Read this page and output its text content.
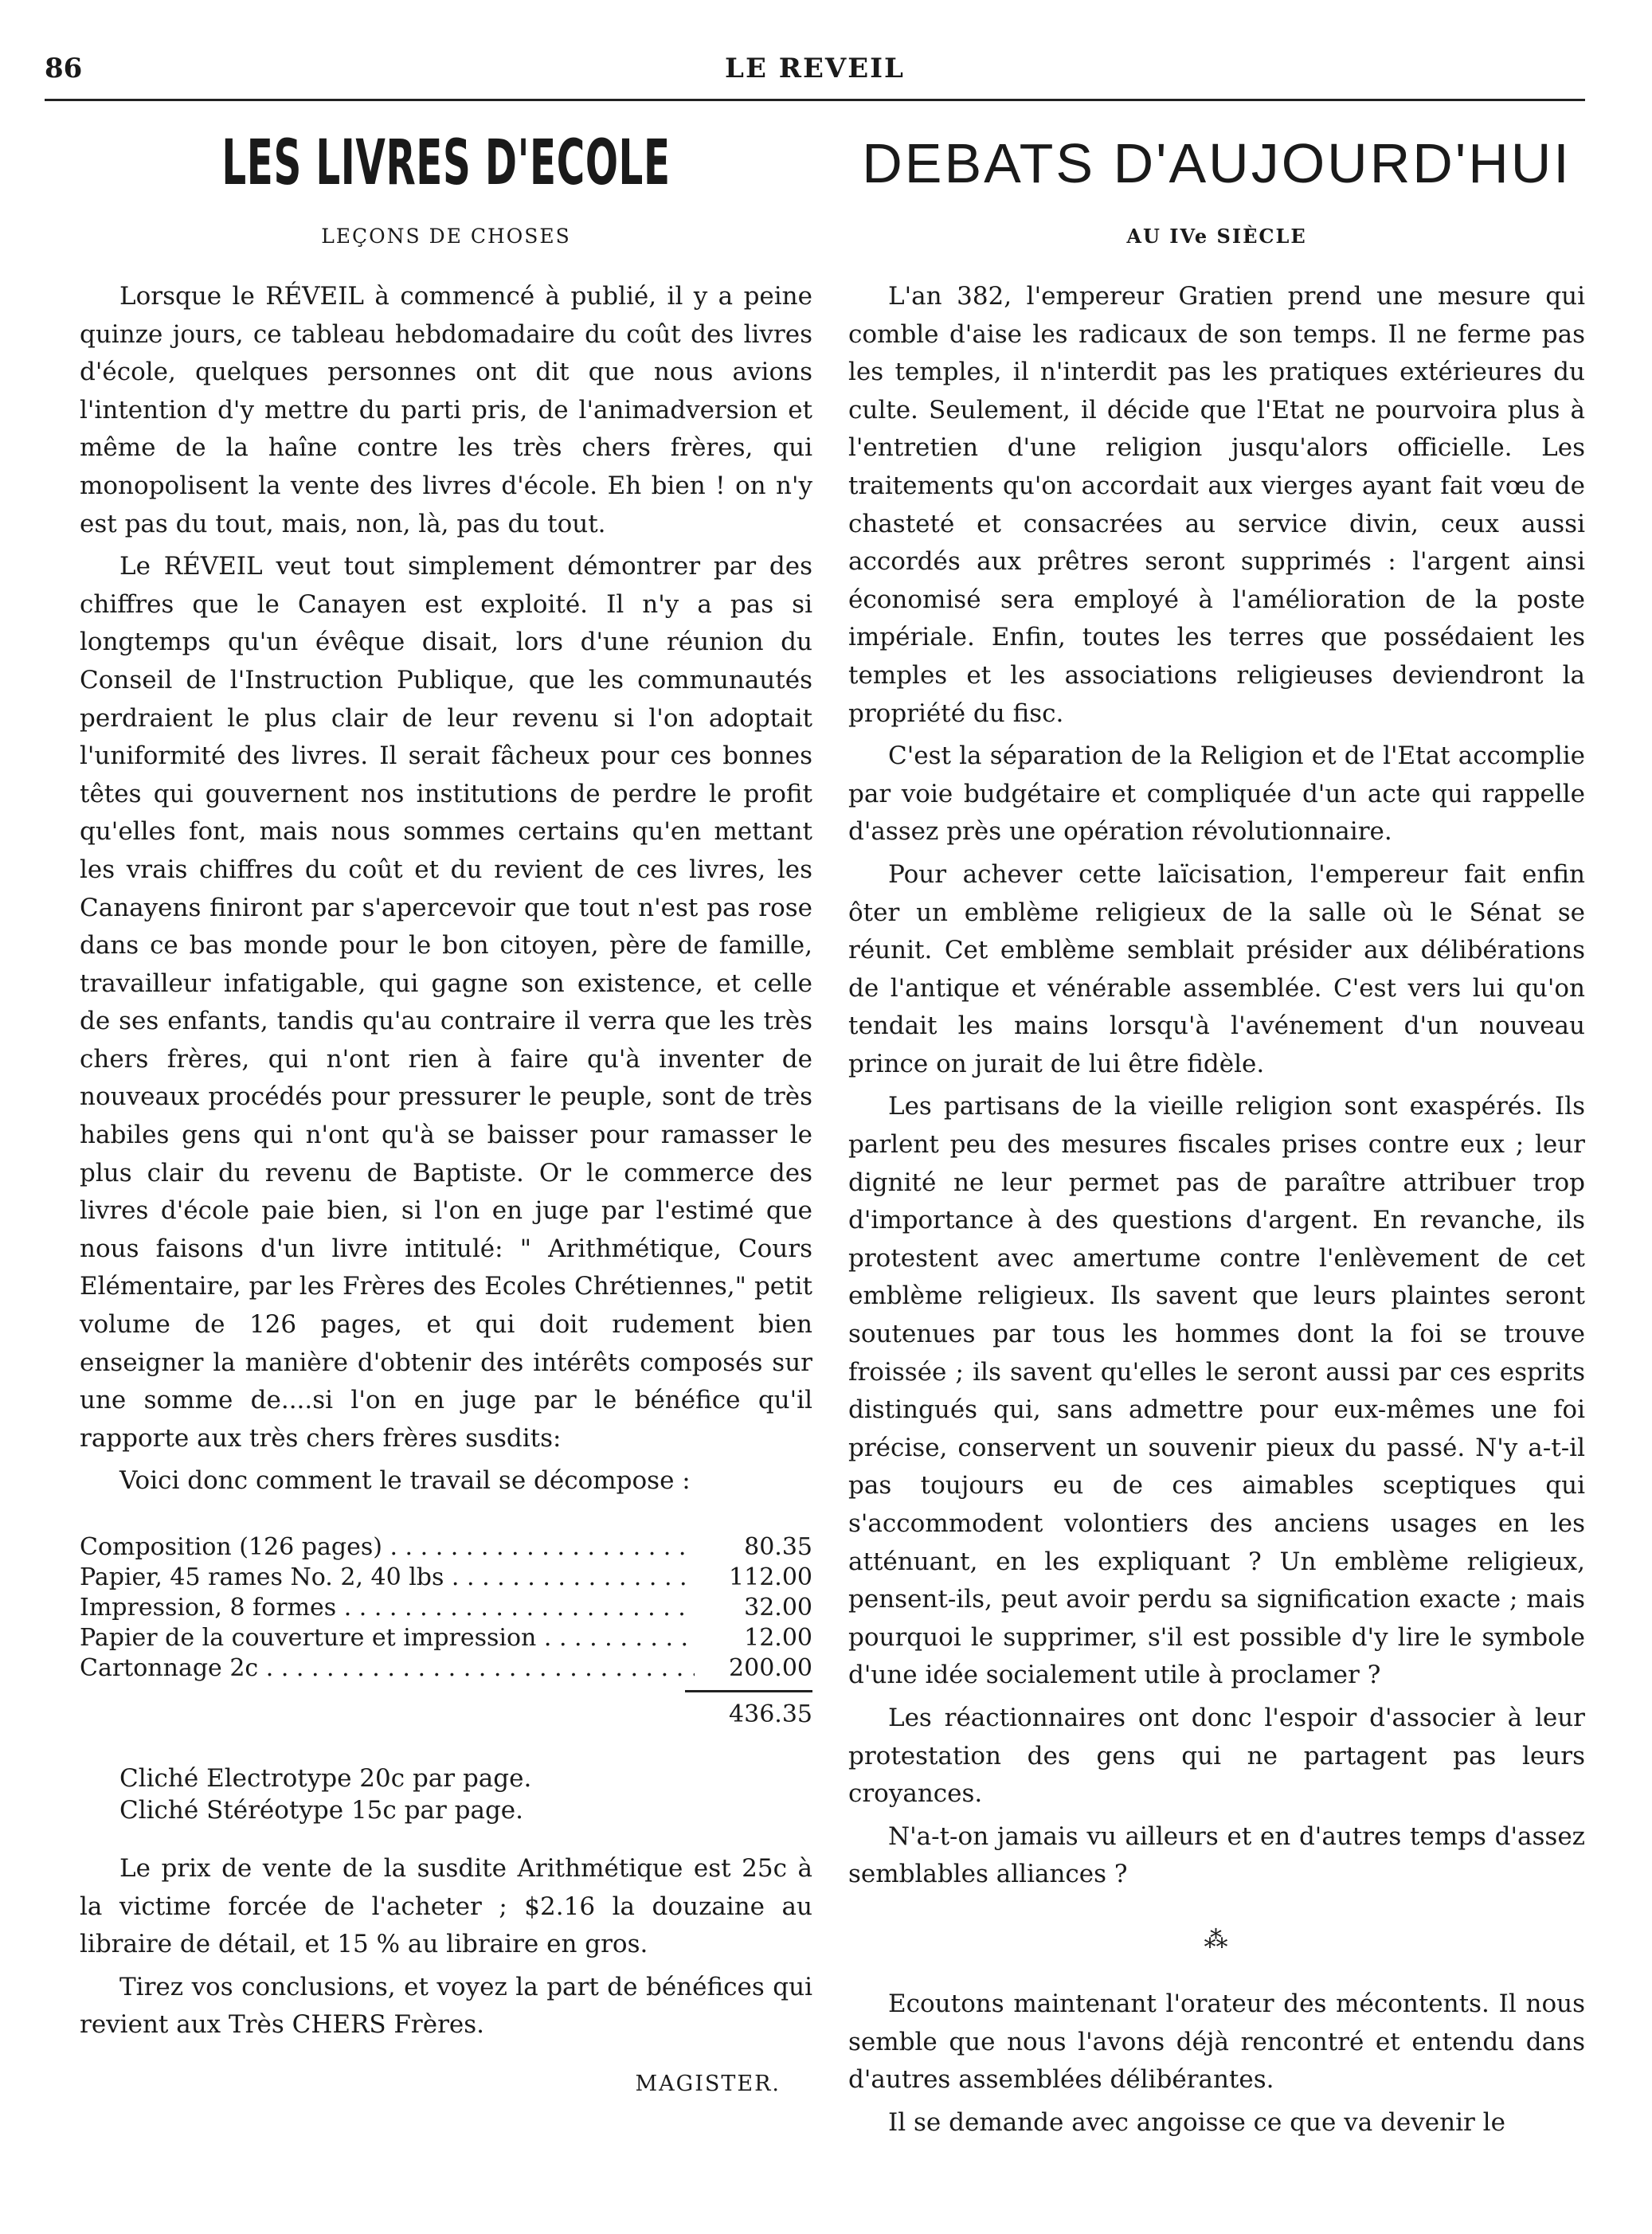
86	LE REVEIL
LES LIVRES D'ECOLE
LEÇONS DE CHOSES

Lorsque le RÉVEIL à commencé à publié, il y a peine quinze jours, ce tableau hebdomadaire du coût des livres d'école, quelques personnes ont dit que nous avions l'intention d'y mettre du parti pris, de l'animadversion et même de la haîne contre les très chers frères, qui monopolisent la vente des livres d'école. Eh bien ! on n'y est pas du tout, mais, non, là, pas du tout.

Le RÉVEIL veut tout simplement démontrer par des chiffres que le Canayen est exploité. Il n'y a pas si longtemps qu'un évêque disait, lors d'une réunion du Conseil de l'Instruction Publique, que les communautés perdraient le plus clair de leur revenu si l'on adoptait l'uniformité des livres. Il serait fâcheux pour ces bonnes têtes qui gouvernent nos institutions de perdre le profit qu'elles font, mais nous sommes certains qu'en mettant les vrais chiffres du coût et du revient de ces livres, les Canayens finiront par s'apercevoir que tout n'est pas rose dans ce bas monde pour le bon citoyen, père de famille, travailleur infatigable, qui gagne son existence, et celle de ses enfants, tandis qu'au contraire il verra que les très chers frères, qui n'ont rien à faire qu'à inventer de nouveaux procédés pour pressurer le peuple, sont de très habiles gens qui n'ont qu'à se baisser pour ramasser le plus clair du revenu de Baptiste. Or le commerce des livres d'école paie bien, si l'on en juge par l'estimé que nous faisons d'un livre intitulé: " Arithmétique, Cours Elémentaire, par les Frères des Ecoles Chrétiennes," petit volume de 126 pages, et qui doit rudement bien enseigner la manière d'obtenir des intérêts composés sur une somme de....si l'on en juge par le bénéfice qu'il rapporte aux très chers frères susdits:

Voici donc comment le travail se décompose :

Composition (126 pages) . . .	80.35
Papier, 45 rames No. 2, 40 lbs . . .	112.00
Impression, 8 formes . . .	32.00
Papier de la couverture et impression . . .	12.00
Cartonnage 2c . . .	200.00
436.35
Cliché Electrotype 20c par page.
Cliché Stéréotype 15c par page.

Le prix de vente de la susdite Arithmétique est 25c à la victime forcée de l'acheter ; $2.16 la douzaine au libraire de détail, et 15 % au libraire en gros.

Tirez vos conclusions, et voyez la part de bénéfices qui revient aux Très CHERS Frères.

MAGISTER.
DEBATS D'AUJOURD'HUI
AU IVe SIÈCLE

L'an 382, l'empereur Gratien prend une mesure qui comble d'aise les radicaux de son temps. Il ne ferme pas les temples, il n'interdit pas les pratiques extérieures du culte. Seulement, il décide que l'Etat ne pourvoira plus à l'entretien d'une religion jusqu'alors officielle. Les traitements qu'on accordait aux vierges ayant fait vœu de chasteté et consacrées au service divin, ceux aussi accordés aux prêtres seront supprimés : l'argent ainsi économisé sera employé à l'amélioration de la poste impériale. Enfin, toutes les terres que possédaient les temples et les associations religieuses deviendront la propriété du fisc.

C'est la séparation de la Religion et de l'Etat accomplie par voie budgétaire et compliquée d'un acte qui rappelle d'assez près une opération révolutionnaire.

Pour achever cette laïcisation, l'empereur fait enfin ôter un emblème religieux de la salle où le Sénat se réunit. Cet emblème semblait présider aux délibérations de l'antique et vénérable assemblée. C'est vers lui qu'on tendait les mains lorsqu'à l'avénement d'un nouveau prince on jurait de lui être fidèle.

Les partisans de la vieille religion sont exaspérés. Ils parlent peu des mesures fiscales prises contre eux ; leur dignité ne leur permet pas de paraître attribuer trop d'importance à des questions d'argent. En revanche, ils protestent avec amertume contre l'enlèvement de cet emblème religieux. Ils savent que leurs plaintes seront soutenues par tous les hommes dont la foi se trouve froissée ; ils savent qu'elles le seront aussi par ces esprits distingués qui, sans admettre pour eux-mêmes une foi précise, conservent un souvenir pieux du passé. N'y a-t-il pas toujours eu de ces aimables sceptiques qui s'accommodent volontiers des anciens usages en les atténuant, en les expliquant ? Un emblème religieux, pensent-ils, peut avoir perdu sa signification exacte ; mais pourquoi le supprimer, s'il est possible d'y lire le symbole d'une idée socialement utile à proclamer ?

Les réactionnaires ont donc l'espoir d'associer à leur protestation des gens qui ne partagent pas leurs croyances.

N'a-t-on jamais vu ailleurs et en d'autres temps d'assez semblables alliances ?

⁂

Ecoutons maintenant l'orateur des mécontents. Il nous semble que nous l'avons déjà rencontré et entendu dans d'autres assemblées délibérantes.

Il se demande avec angoisse ce que va devenir le
